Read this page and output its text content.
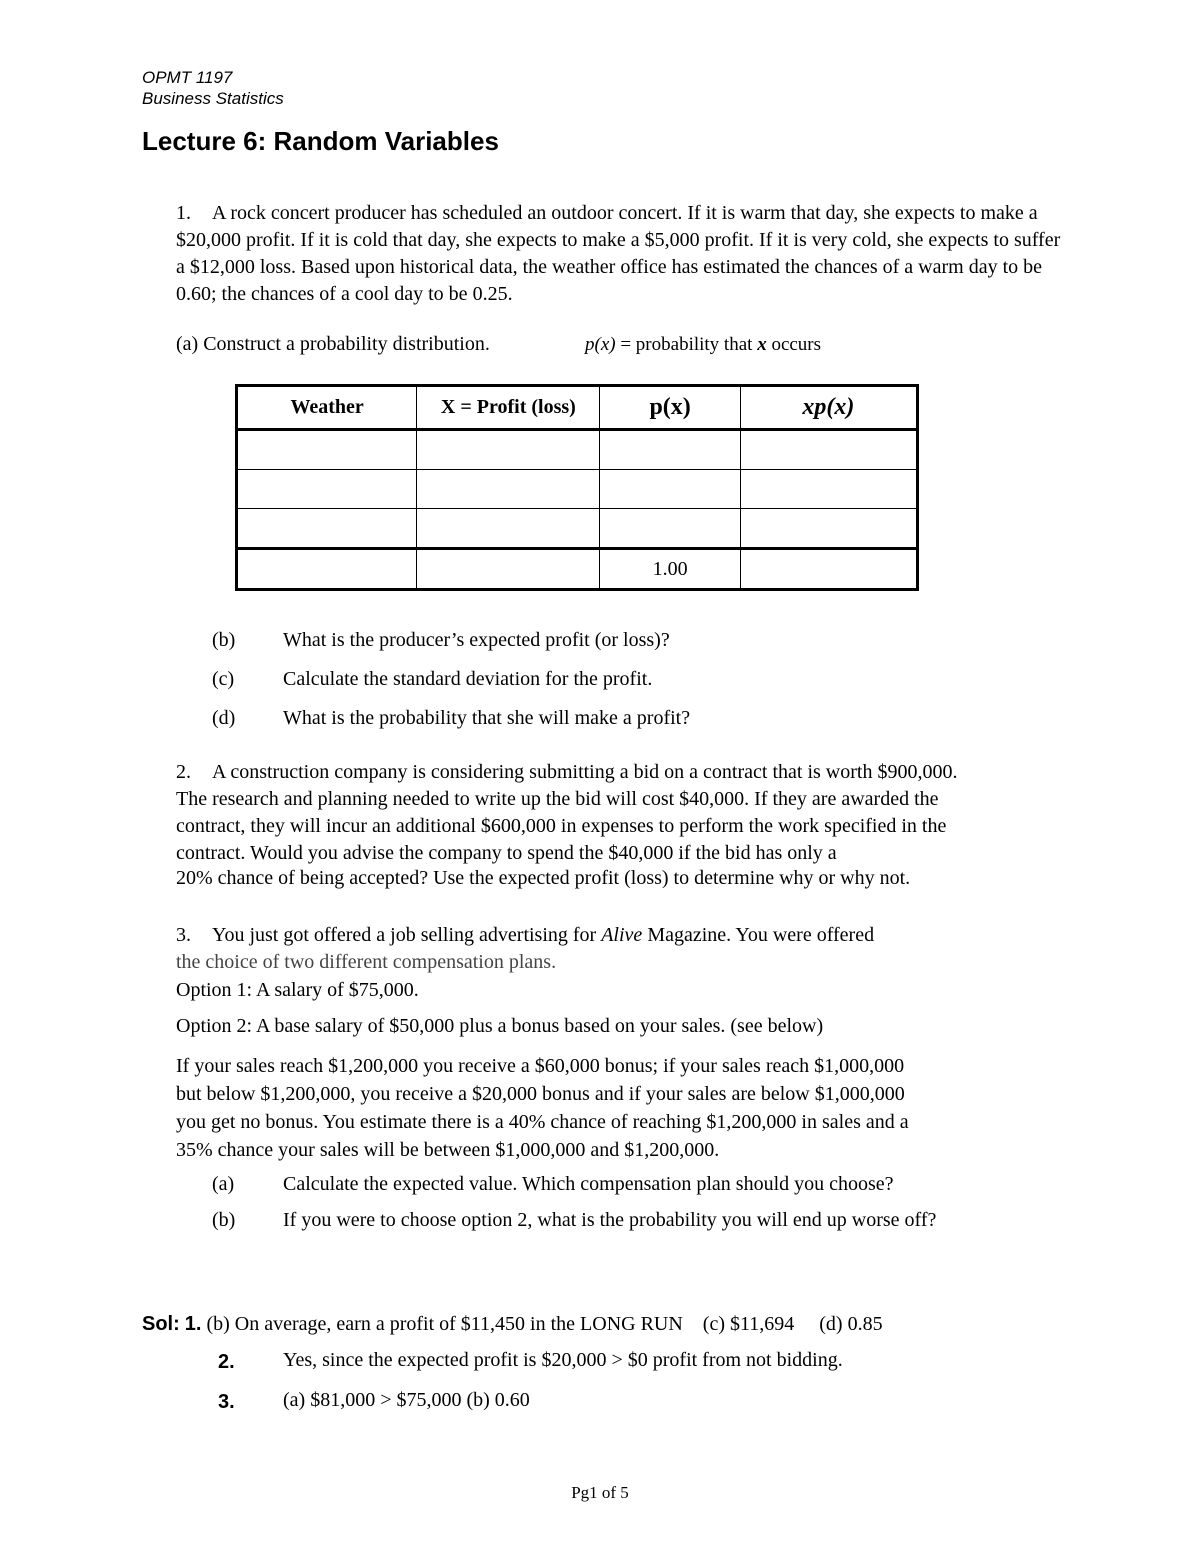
OPMT 1197
Business Statistics
Lecture 6: Random Variables
1. A rock concert producer has scheduled an outdoor concert. If it is warm that day, she expects to make a $20,000 profit. If it is cold that day, she expects to make a $5,000 profit. If it is very cold, she expects to suffer a $12,000 loss. Based upon historical data, the weather office has estimated the chances of a warm day to be 0.60; the chances of a cool day to be 0.25.
(a) Construct a probability distribution.	p(x) = probability that x occurs
Weather	X = Profit (loss)	p(x)	xp(x)

		1.00	
(b) What is the producer’s expected profit (or loss)?
(c) Calculate the standard deviation for the profit.
(d) What is the probability that she will make a profit?
2. A construction company is considering submitting a bid on a contract that is worth $900,000.
The research and planning needed to write up the bid will cost $40,000. If they are awarded the
contract, they will incur an additional $600,000 in expenses to perform the work specified in the
contract. Would you advise the company to spend the $40,000 if the bid has only a
20% chance of being accepted? Use the expected profit (loss) to determine why or why not.
3. You just got offered a job selling advertising for Alive Magazine. You were offered
the choice of two different compensation plans.
Option 1: A salary of $75,000.
Option 2: A base salary of $50,000 plus a bonus based on your sales. (see below)
If your sales reach $1,200,000 you receive a $60,000 bonus; if your sales reach $1,000,000
but below $1,200,000, you receive a $20,000 bonus and if your sales are below $1,000,000
you get no bonus. You estimate there is a 40% chance of reaching $1,200,000 in sales and a
35% chance your sales will be between $1,000,000 and $1,200,000.
(a) Calculate the expected value. Which compensation plan should you choose?
(b) If you were to choose option 2, what is the probability you will end up worse off?
Sol: 1. (b) On average, earn a profit of $11,450 in the LONG RUN    (c) $11,694     (d) 0.85
2. Yes, since the expected profit is $20,000 > $0 profit from not bidding.
3. (a) $81,000 > $75,000 (b) 0.60
Pg1 of 5
